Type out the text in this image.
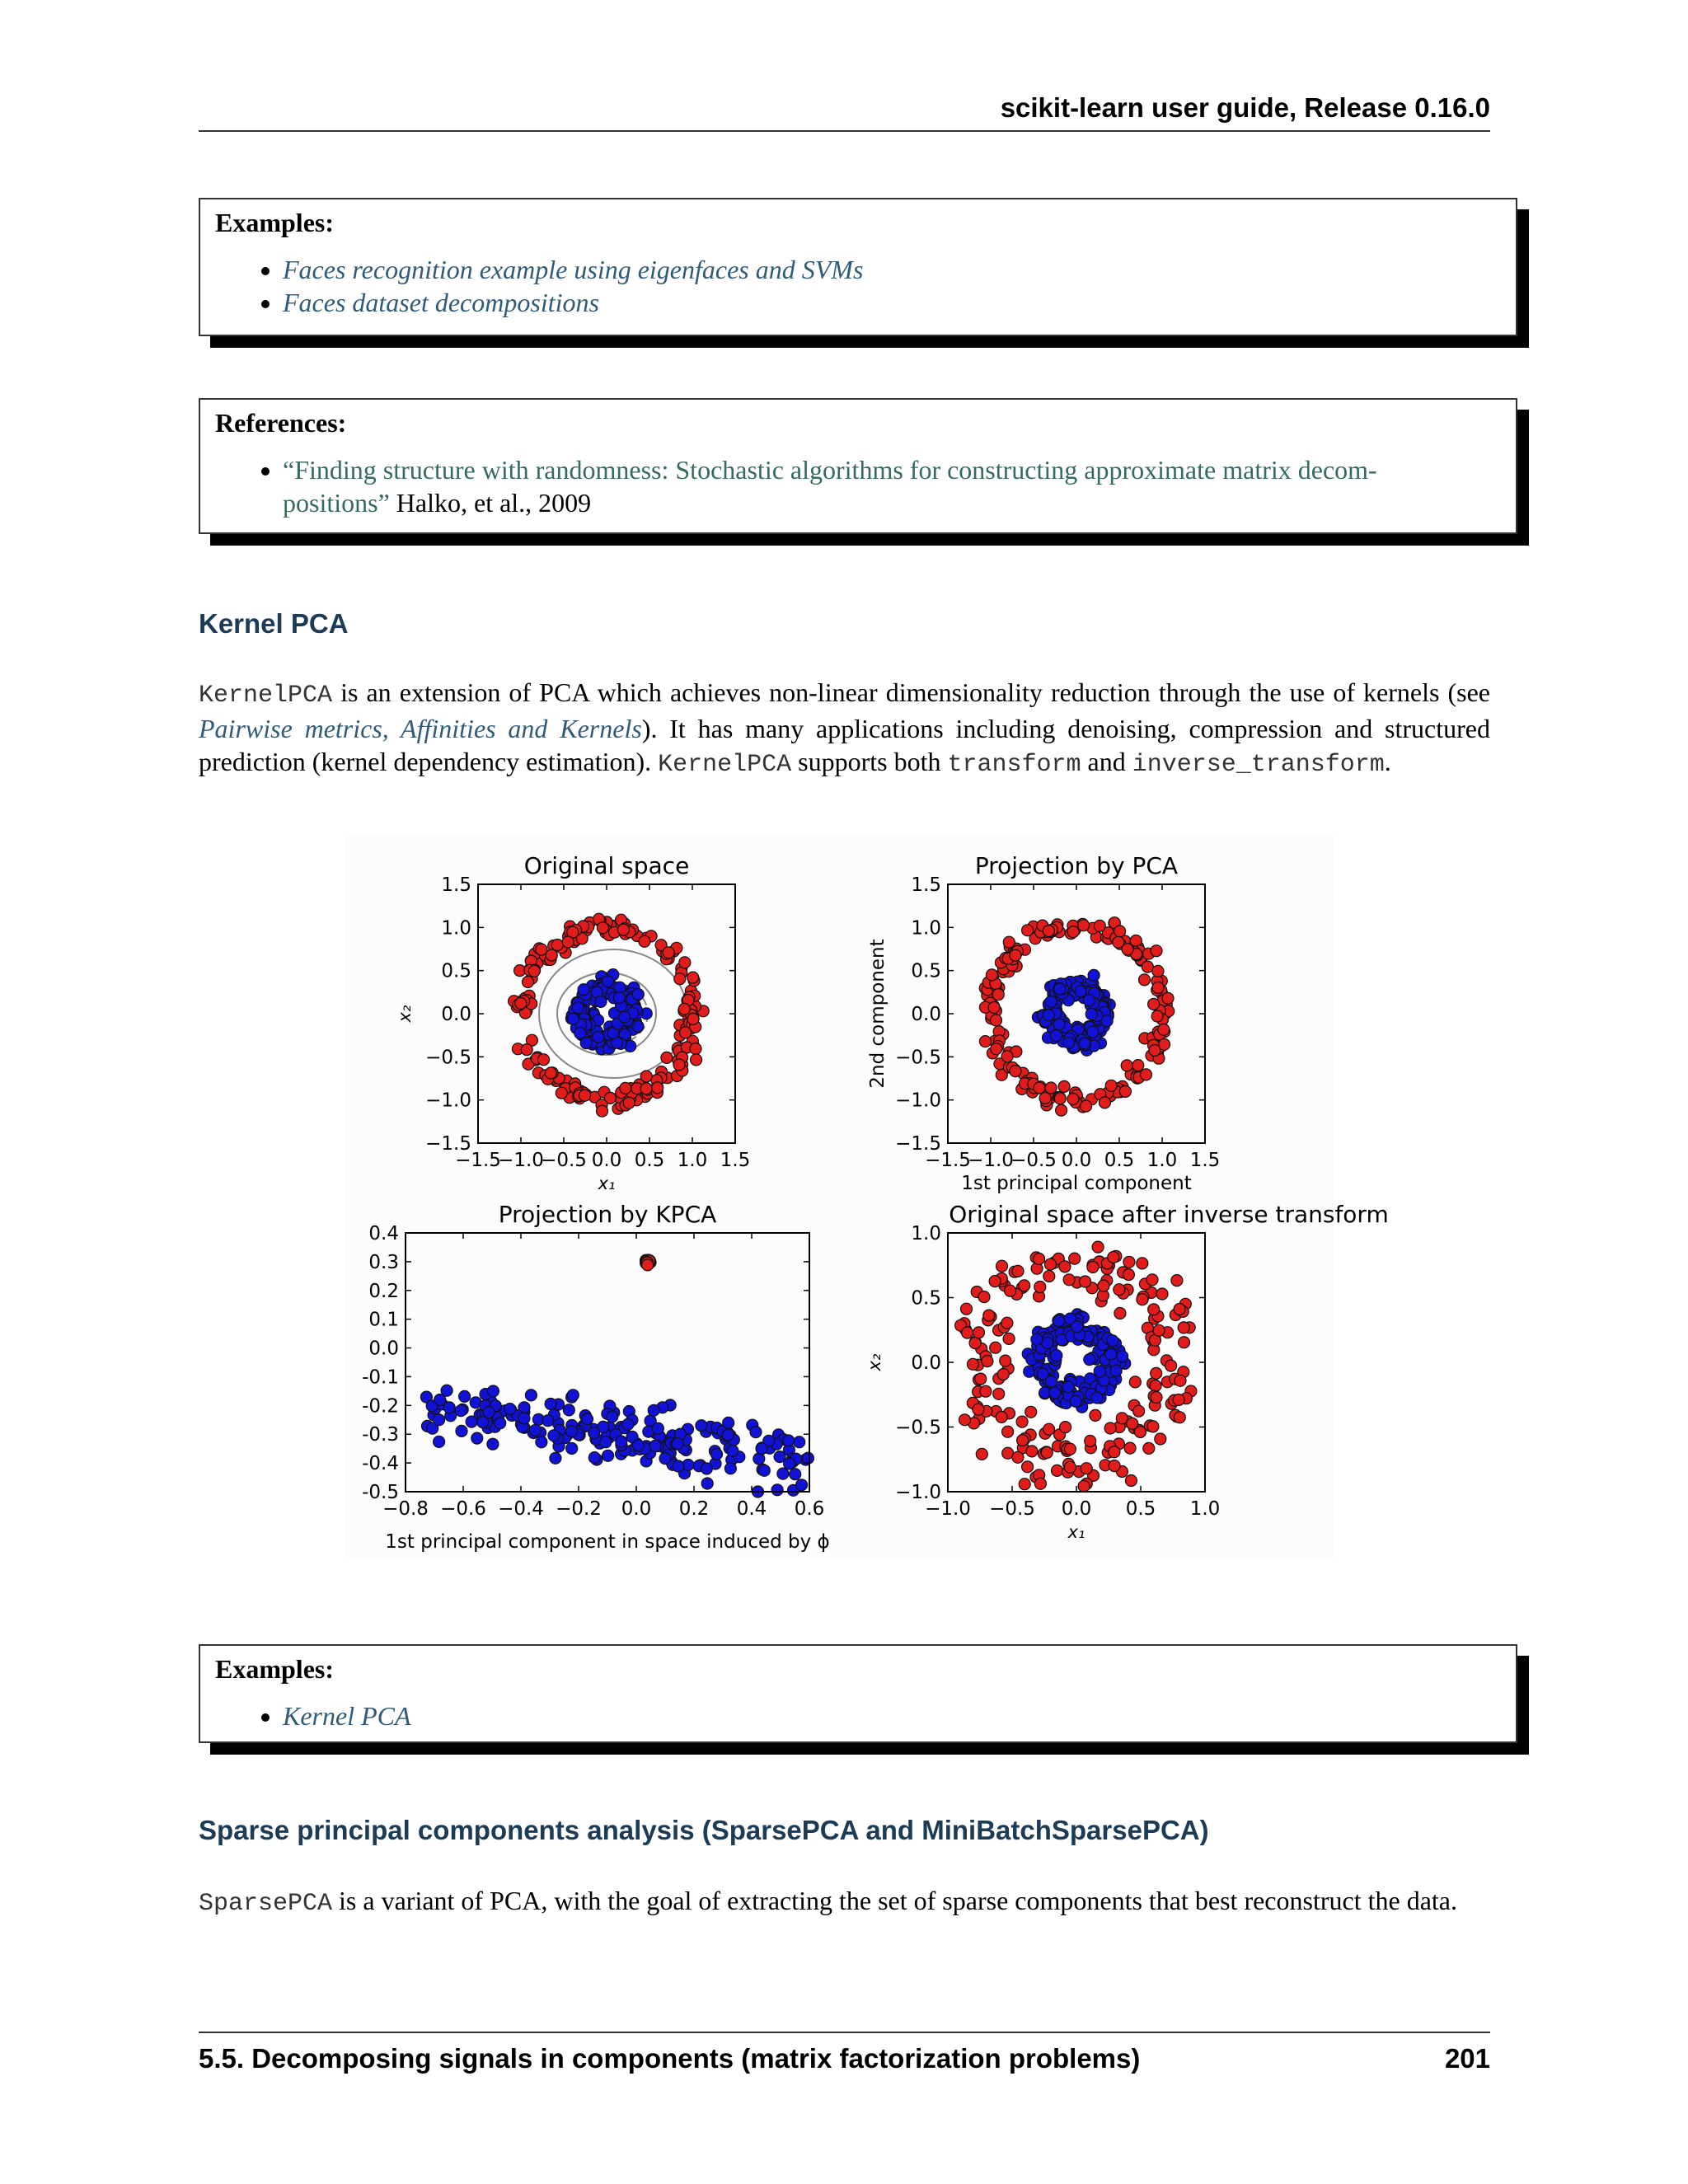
scikit-learn user guide, Release 0.16.0
Examples:
• Faces recognition example using eigenfaces and SVMs
• Faces dataset decompositions
References:
• “Finding structure with randomness: Stochastic algorithms for constructing approximate matrix decom-
positions” Halko, et al., 2009
Kernel PCA
KernelPCA is an extension of PCA which achieves non-linear dimensionality reduction through the use of kernels (see Pairwise metrics, Affinities and Kernels). It has many applications including denoising, compression and structured prediction (kernel dependency estimation). KernelPCA supports both transform and inverse_transform.
Original space
−1.5
−1.0
−0.5 0.0 0.5 1.0 1.5
1.5
1.0
0.5
0.0
−0.5
−1.0
−1.5
x₁
x₂
Projection by PCA
−1.5
−1.0
−0.5 0.0 0.5 1.0 1.5
1.5
1.0
0.5
0.0
−0.5
−1.0
−1.5
1st principal component
2nd component
Projection by KPCA
−0.8 −0.6 −0.4 −0.2 0.0 0.2 0.4 0.6
0.4
0.3
0.2
0.1
0.0
-0.1
-0.2
-0.3
-0.4
-0.5
1st principal component in space induced by ϕ
Original space after inverse transform
−1.0 −0.5 0.0 0.5 1.0
1.0
0.5
0.0
−0.5
−1.0
x₁
x₂
Examples:
• Kernel PCA
Sparse principal components analysis (SparsePCA and MiniBatchSparsePCA)
SparsePCA is a variant of PCA, with the goal of extracting the set of sparse components that best reconstruct the data.
5.5. Decomposing signals in components (matrix factorization problems)	201
